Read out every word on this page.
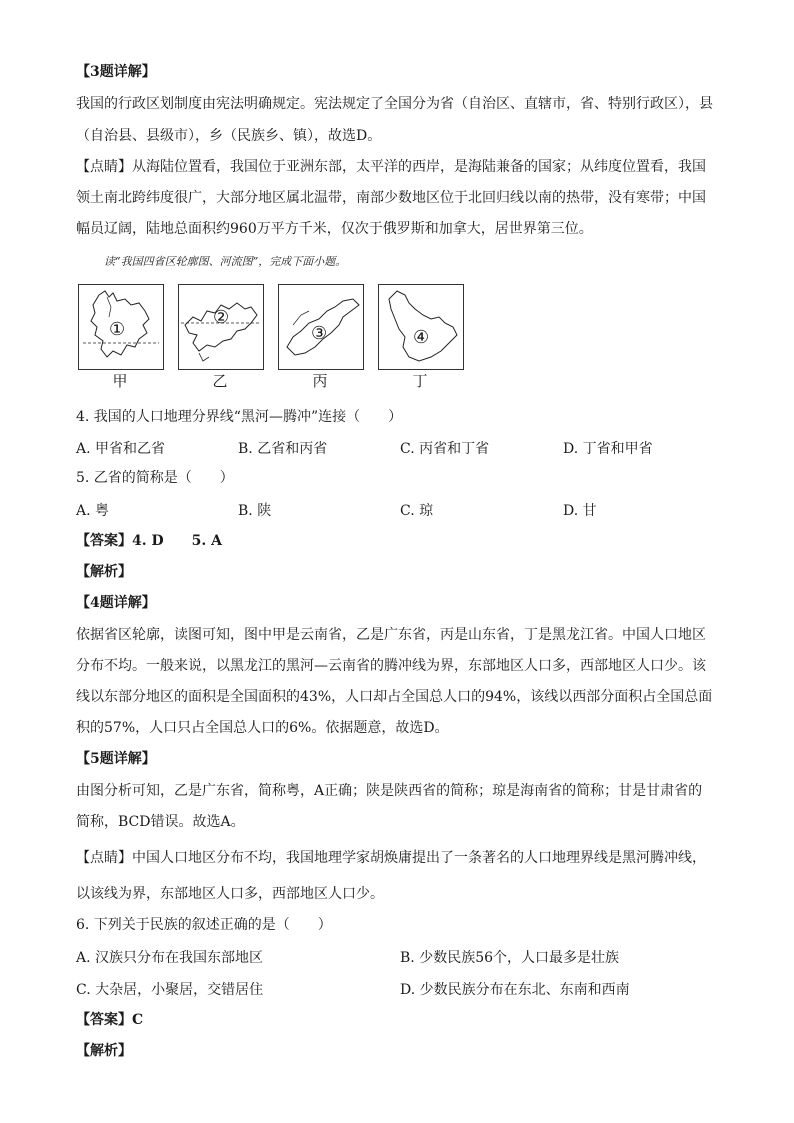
【3题详解】
我国的行政区划制度由宪法明确规定。宪法规定了全国分为省（自治区、直辖市，省、特别行政区），县
（自治县、县级市），乡（民族乡、镇），故选D。
【点睛】从海陆位置看，我国位于亚洲东部，太平洋的西岸，是海陆兼备的国家；从纬度位置看，我国
领土南北跨纬度很广，大部分地区属北温带，南部少数地区位于北回归线以南的热带，没有寒带；中国
幅员辽阔，陆地总面积约960万平方千米，仅次于俄罗斯和加拿大，居世界第三位。
读“我国四省区轮廓图、河流图”，完成下面小题。
①
②
③	④
甲	乙	丙	丁
4. 我国的人口地理分界线“黑河—腾冲”连接（　　）
A. 甲省和乙省	B. 乙省和丙省	C. 丙省和丁省	D. 丁省和甲省
5. 乙省的简称是（　　）
A. 粤	B. 陕	C. 琼	D. 甘
【答案】4. D　　5. A
【解析】
【4题详解】
依据省区轮廓，读图可知，图中甲是云南省，乙是广东省，丙是山东省，丁是黑龙江省。中国人口地区
分布不均。一般来说，以黑龙江的黑河—云南省的腾冲线为界，东部地区人口多，西部地区人口少。该
线以东部分地区的面积是全国面积的43%，人口却占全国总人口的94%，该线以西部分面积占全国总面
积的57%，人口只占全国总人口的6%。依据题意，故选D。
【5题详解】
由图分析可知，乙是广东省，简称粤，A正确；陕是陕西省的简称；琼是海南省的简称；甘是甘肃省的
简称，BCD错误。故选A。
【点睛】中国人口地区分布不均，我国地理学家胡焕庸提出了一条著名的人口地理界线是黑河腾冲线，
以该线为界，东部地区人口多，西部地区人口少。
6. 下列关于民族的叙述正确的是（　　）
A. 汉族只分布在我国东部地区	B. 少数民族56个，人口最多是壮族
C. 大杂居，小聚居，交错居住	D. 少数民族分布在东北、东南和西南
【答案】C
【解析】
